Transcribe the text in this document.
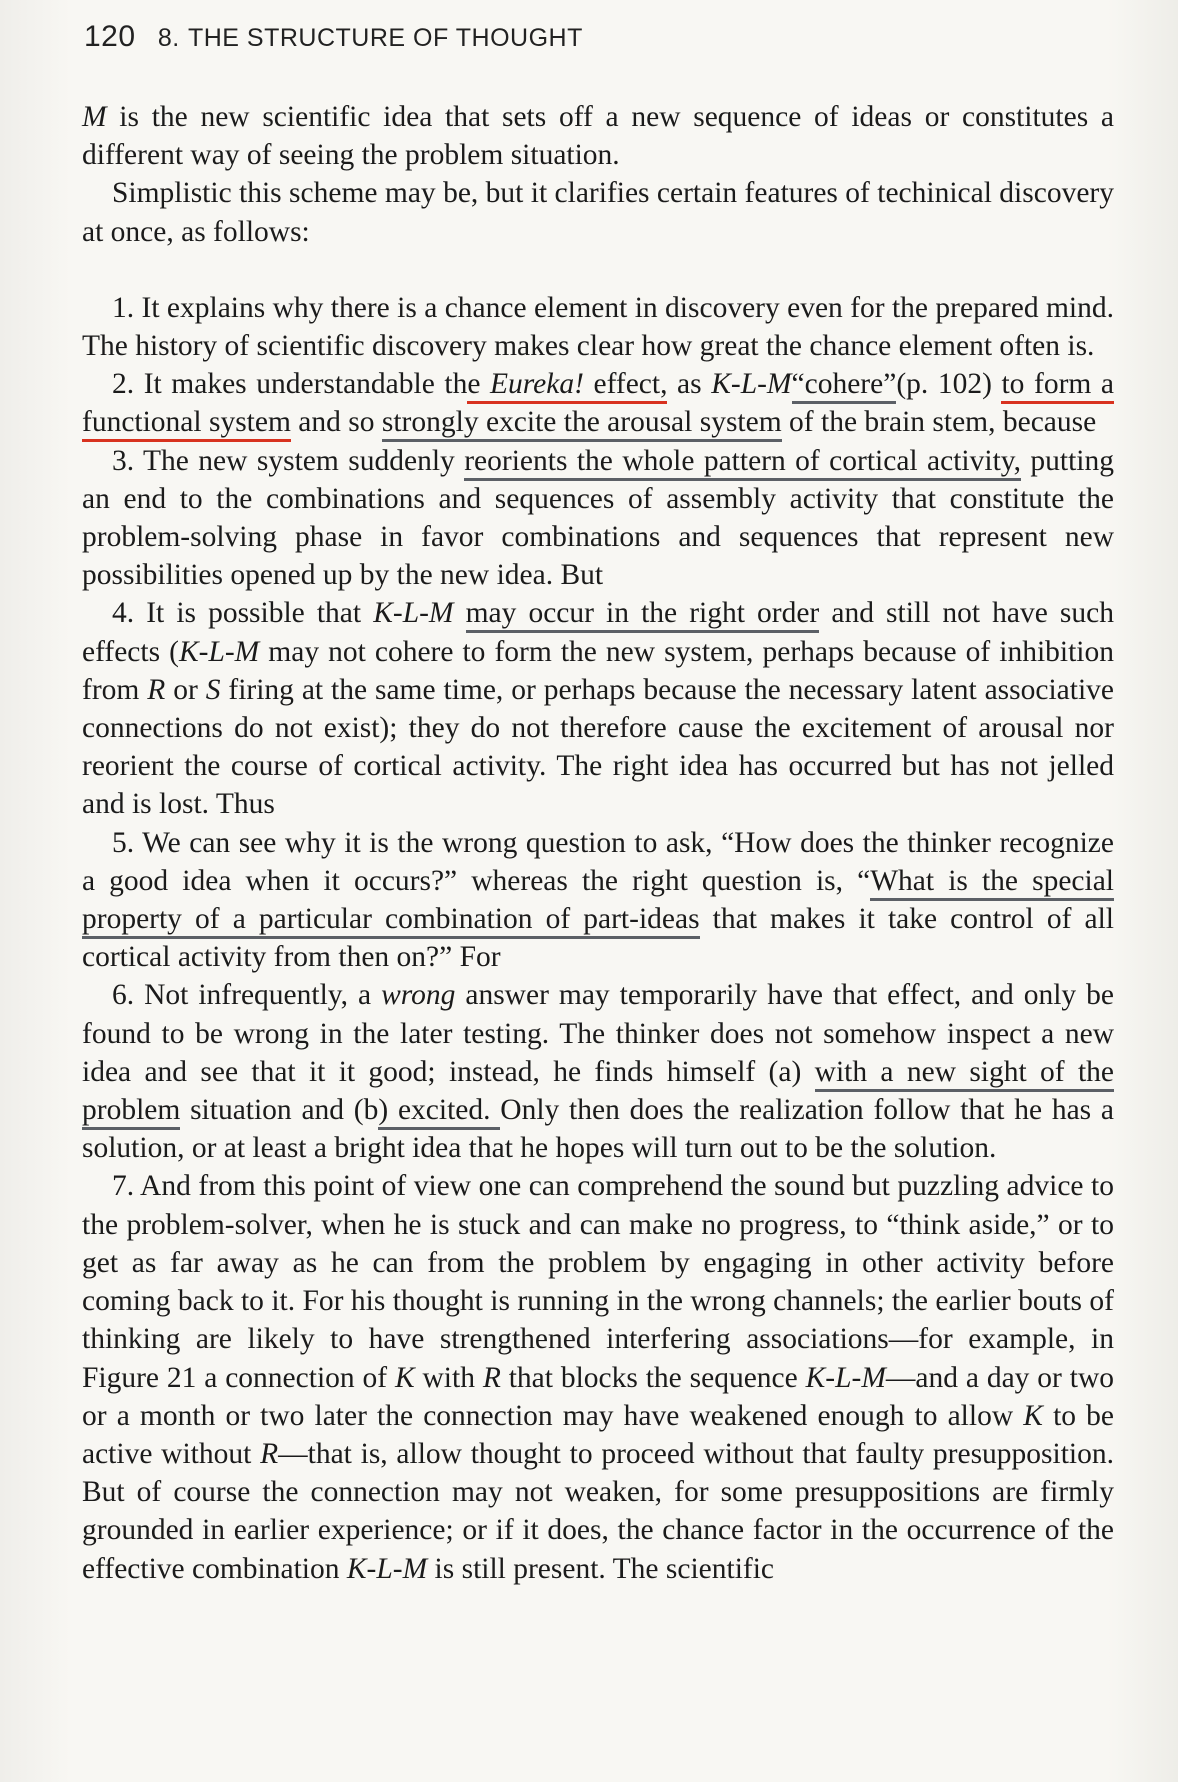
120 8. THE STRUCTURE OF THOUGHT

M is the new scientific idea that sets off a new sequence of ideas or constitutes a different way of seeing the problem situation.

Simplistic this scheme may be, but it clarifies certain features of techinical discovery at once, as follows:

1. It explains why there is a chance element in discovery even for the prepared mind. The history of scientific discovery makes clear how great the chance element often is.

2. It makes understandable the Eureka! effect, as K-L-M“cohere”(p. 102) to form a functional system and so strongly excite the arousal system of the brain stem, because

3. The new system suddenly reorients the whole pattern of cortical activity, putting an end to the combinations and sequences of assembly activity that constitute the problem-solving phase in favor combinations and sequences that represent new possibilities opened up by the new idea. But

4. It is possible that K-L-M may occur in the right order and still not have such effects (K-L-M may not cohere to form the new system, perhaps because of inhibition from R or S firing at the same time, or perhaps because the necessary latent associative connections do not exist); they do not therefore cause the excitement of arousal nor reorient the course of cortical activity. The right idea has occurred but has not jelled and is lost. Thus

5. We can see why it is the wrong question to ask, “How does the thinker recognize a good idea when it occurs?” whereas the right question is, “What is the special property of a particular combination of part-ideas that makes it take control of all cortical activity from then on?” For

6. Not infrequently, a wrong answer may temporarily have that effect, and only be found to be wrong in the later testing. The thinker does not somehow inspect a new idea and see that it it good; instead, he finds himself (a) with a new sight of the problem situation and (b) excited. Only then does the realization follow that he has a solution, or at least a bright idea that he hopes will turn out to be the solution.

7. And from this point of view one can comprehend the sound but puzzling advice to the problem-solver, when he is stuck and can make no progress, to “think aside,” or to get as far away as he can from the problem by engaging in other activity before coming back to it. For his thought is running in the wrong channels; the earlier bouts of thinking are likely to have strengthened interfering associations—for example, in Figure 21 a connection of K with R that blocks the sequence K-L-M—and a day or two or a month or two later the connection may have weakened enough to allow K to be active without R—that is, allow thought to proceed without that faulty presupposition. But of course the connection may not weaken, for some presuppositions are firmly grounded in earlier experience; or if it does, the chance factor in the occurrence of the effective combination K-L-M is still present. The scientific
